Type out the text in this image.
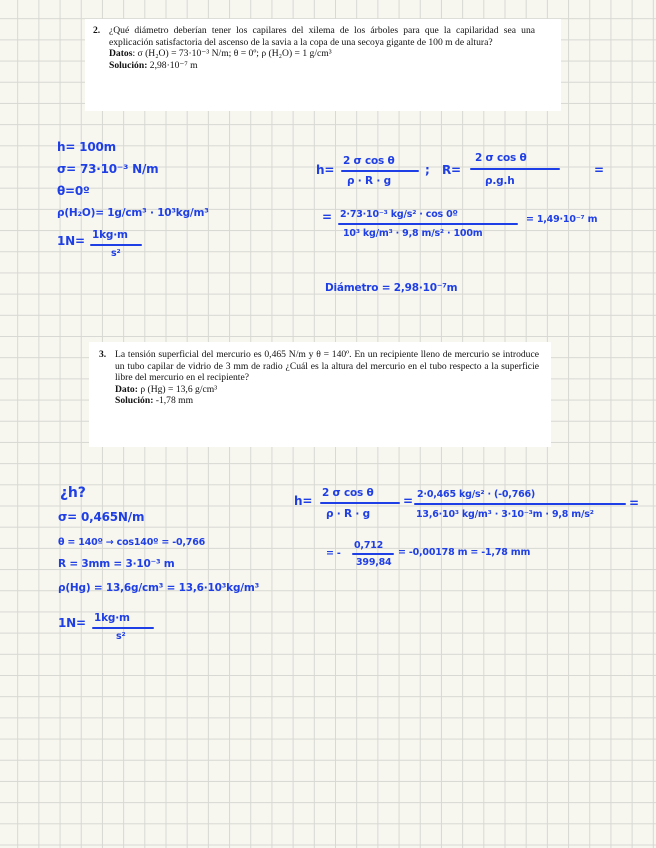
2. ¿Qué diámetro deberían tener los capilares del xilema de los árboles para que la capilaridad sea una explicación satisfactoria del ascenso de la savia a la copa de una secoya gigante de 100 m de altura?
Datos: σ (H₂O) = 73·10⁻³ N/m; θ = 0º; ρ (H₂O) = 1 g/cm³
Solución: 2,98·10⁻⁷ m
h= 100m
σ= 73·10⁻³ N/m
θ=0º
ρ(H₂O)= 1g/cm³ · 10³kg/m³
1N= 1kg·m
s²
h=
2 σ cos θ
ρ · R · g
; R=
2 σ cos θ
ρ.g.h
=
= 2·73·10⁻³ kg/s² · cos 0º
10³ kg/m³ · 9,8 m/s² · 100m
= 1,49·10⁻⁷ m
Diámetro = 2,98·10⁻⁷m
3. La tensión superficial del mercurio es 0,465 N/m y θ = 140º. En un recipiente lleno de mercurio se introduce un tubo capilar de vidrio de 3 mm de radio ¿Cuál es la altura del mercurio en el tubo respecto a la superficie libre del mercurio en el recipiente?
Dato: ρ (Hg) = 13,6 g/cm³
Solución: -1,78 mm
¿h?
σ= 0,465N/m
θ = 140º → cos140º = -0,766
R = 3mm = 3·10⁻³ m
ρ(Hg) = 13,6g/cm³ = 13,6·10³kg/m³
1N= 1kg·m
s²
h=
2 σ cos θ
ρ · R · g
= 2·0,465 kg/s² · (-0,766)
13,6·10³ kg/m³ · 3·10⁻³m · 9,8 m/s²
=
= -
0,712
399,84
= -0,00178 m = -1,78 mm
